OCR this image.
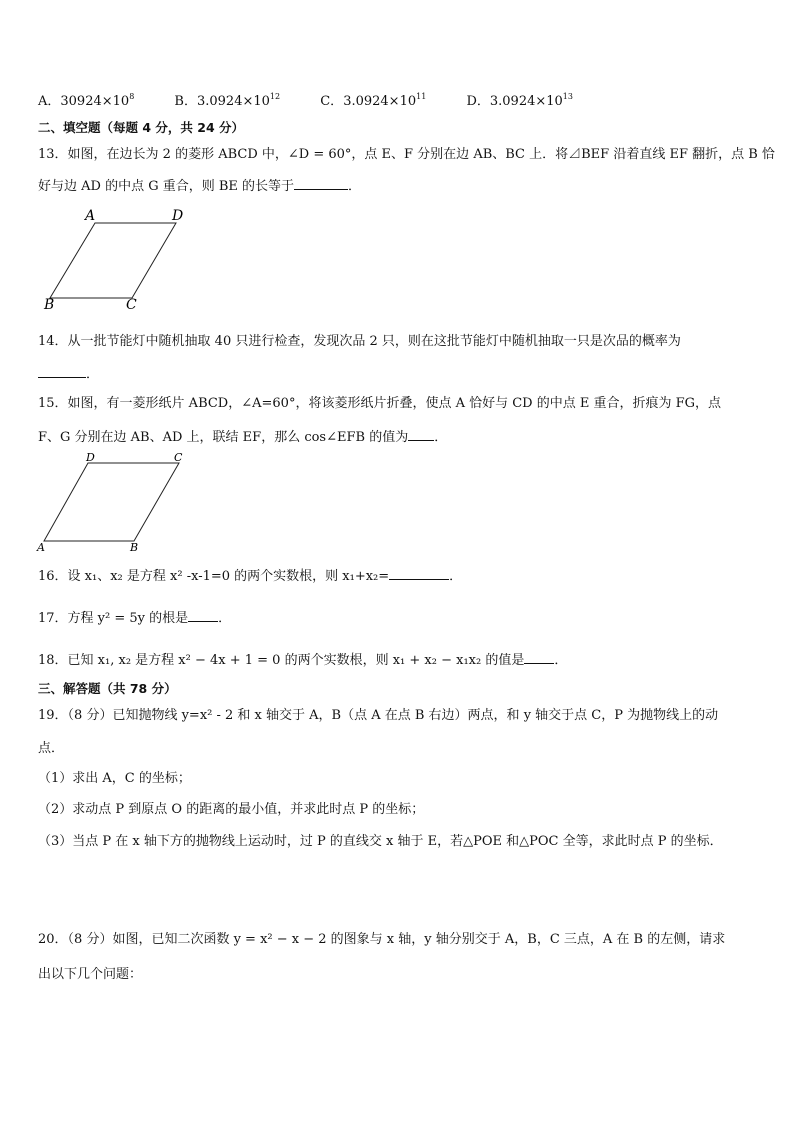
A．$30924\times 10^8$	B．$3.0924\times 10^{12}$	C．$3.0924\times 10^{11}$	D．$3.0924\times 10^{13}$
二、填空题（每题 4 分，共 24 分）
13．如图，在边长为 2 的菱形 ABCD 中，∠D = 60°，点 E、F 分别在边 AB、BC 上．将⊿BEF 沿着直线 EF 翻折，点 B 恰
好与边 AD 的中点 G 重合，则 BE 的长等于	．
A	D
B	C
14．从一批节能灯中随机抽取 40 只进行检查，发现次品 2 只，则在这批节能灯中随机抽取一只是次品的概率为
．
15．如图，有一菱形纸片 ABCD，∠A=60°，将该菱形纸片折叠，使点 A 恰好与 CD 的中点 E 重合，折痕为 FG，点
F、G 分别在边 AB、AD 上，联结 EF，那么 cos∠EFB 的值为 ．
D	C
A	B
16．设 x₁、x₂ 是方程 x² -x-1=0 的两个实数根，则 x₁+x₂=	．
17．方程 y² = 5y 的根是 ．
18．已知 x₁, x₂ 是方程 x² − 4x + 1 = 0 的两个实数根，则 x₁ + x₂ − x₁x₂ 的值是 ．
三、解答题（共 78 分）
19．（8 分）已知抛物线 y=x² - 2 和 x 轴交于 A，B（点 A 在点 B 右边）两点，和 y 轴交于点 C，P 为抛物线上的动
点．
（1）求出 A，C 的坐标；
（2）求动点 P 到原点 O 的距离的最小值，并求此时点 P 的坐标；
（3）当点 P 在 x 轴下方的抛物线上运动时，过 P 的直线交 x 轴于 E，若△POE 和△POC 全等，求此时点 P 的坐标．
20．（8 分）如图，已知二次函数 y = x² − x − 2 的图象与 x 轴，y 轴分别交于 A，B，C 三点，A 在 B 的左侧，请求
出以下几个问题：
